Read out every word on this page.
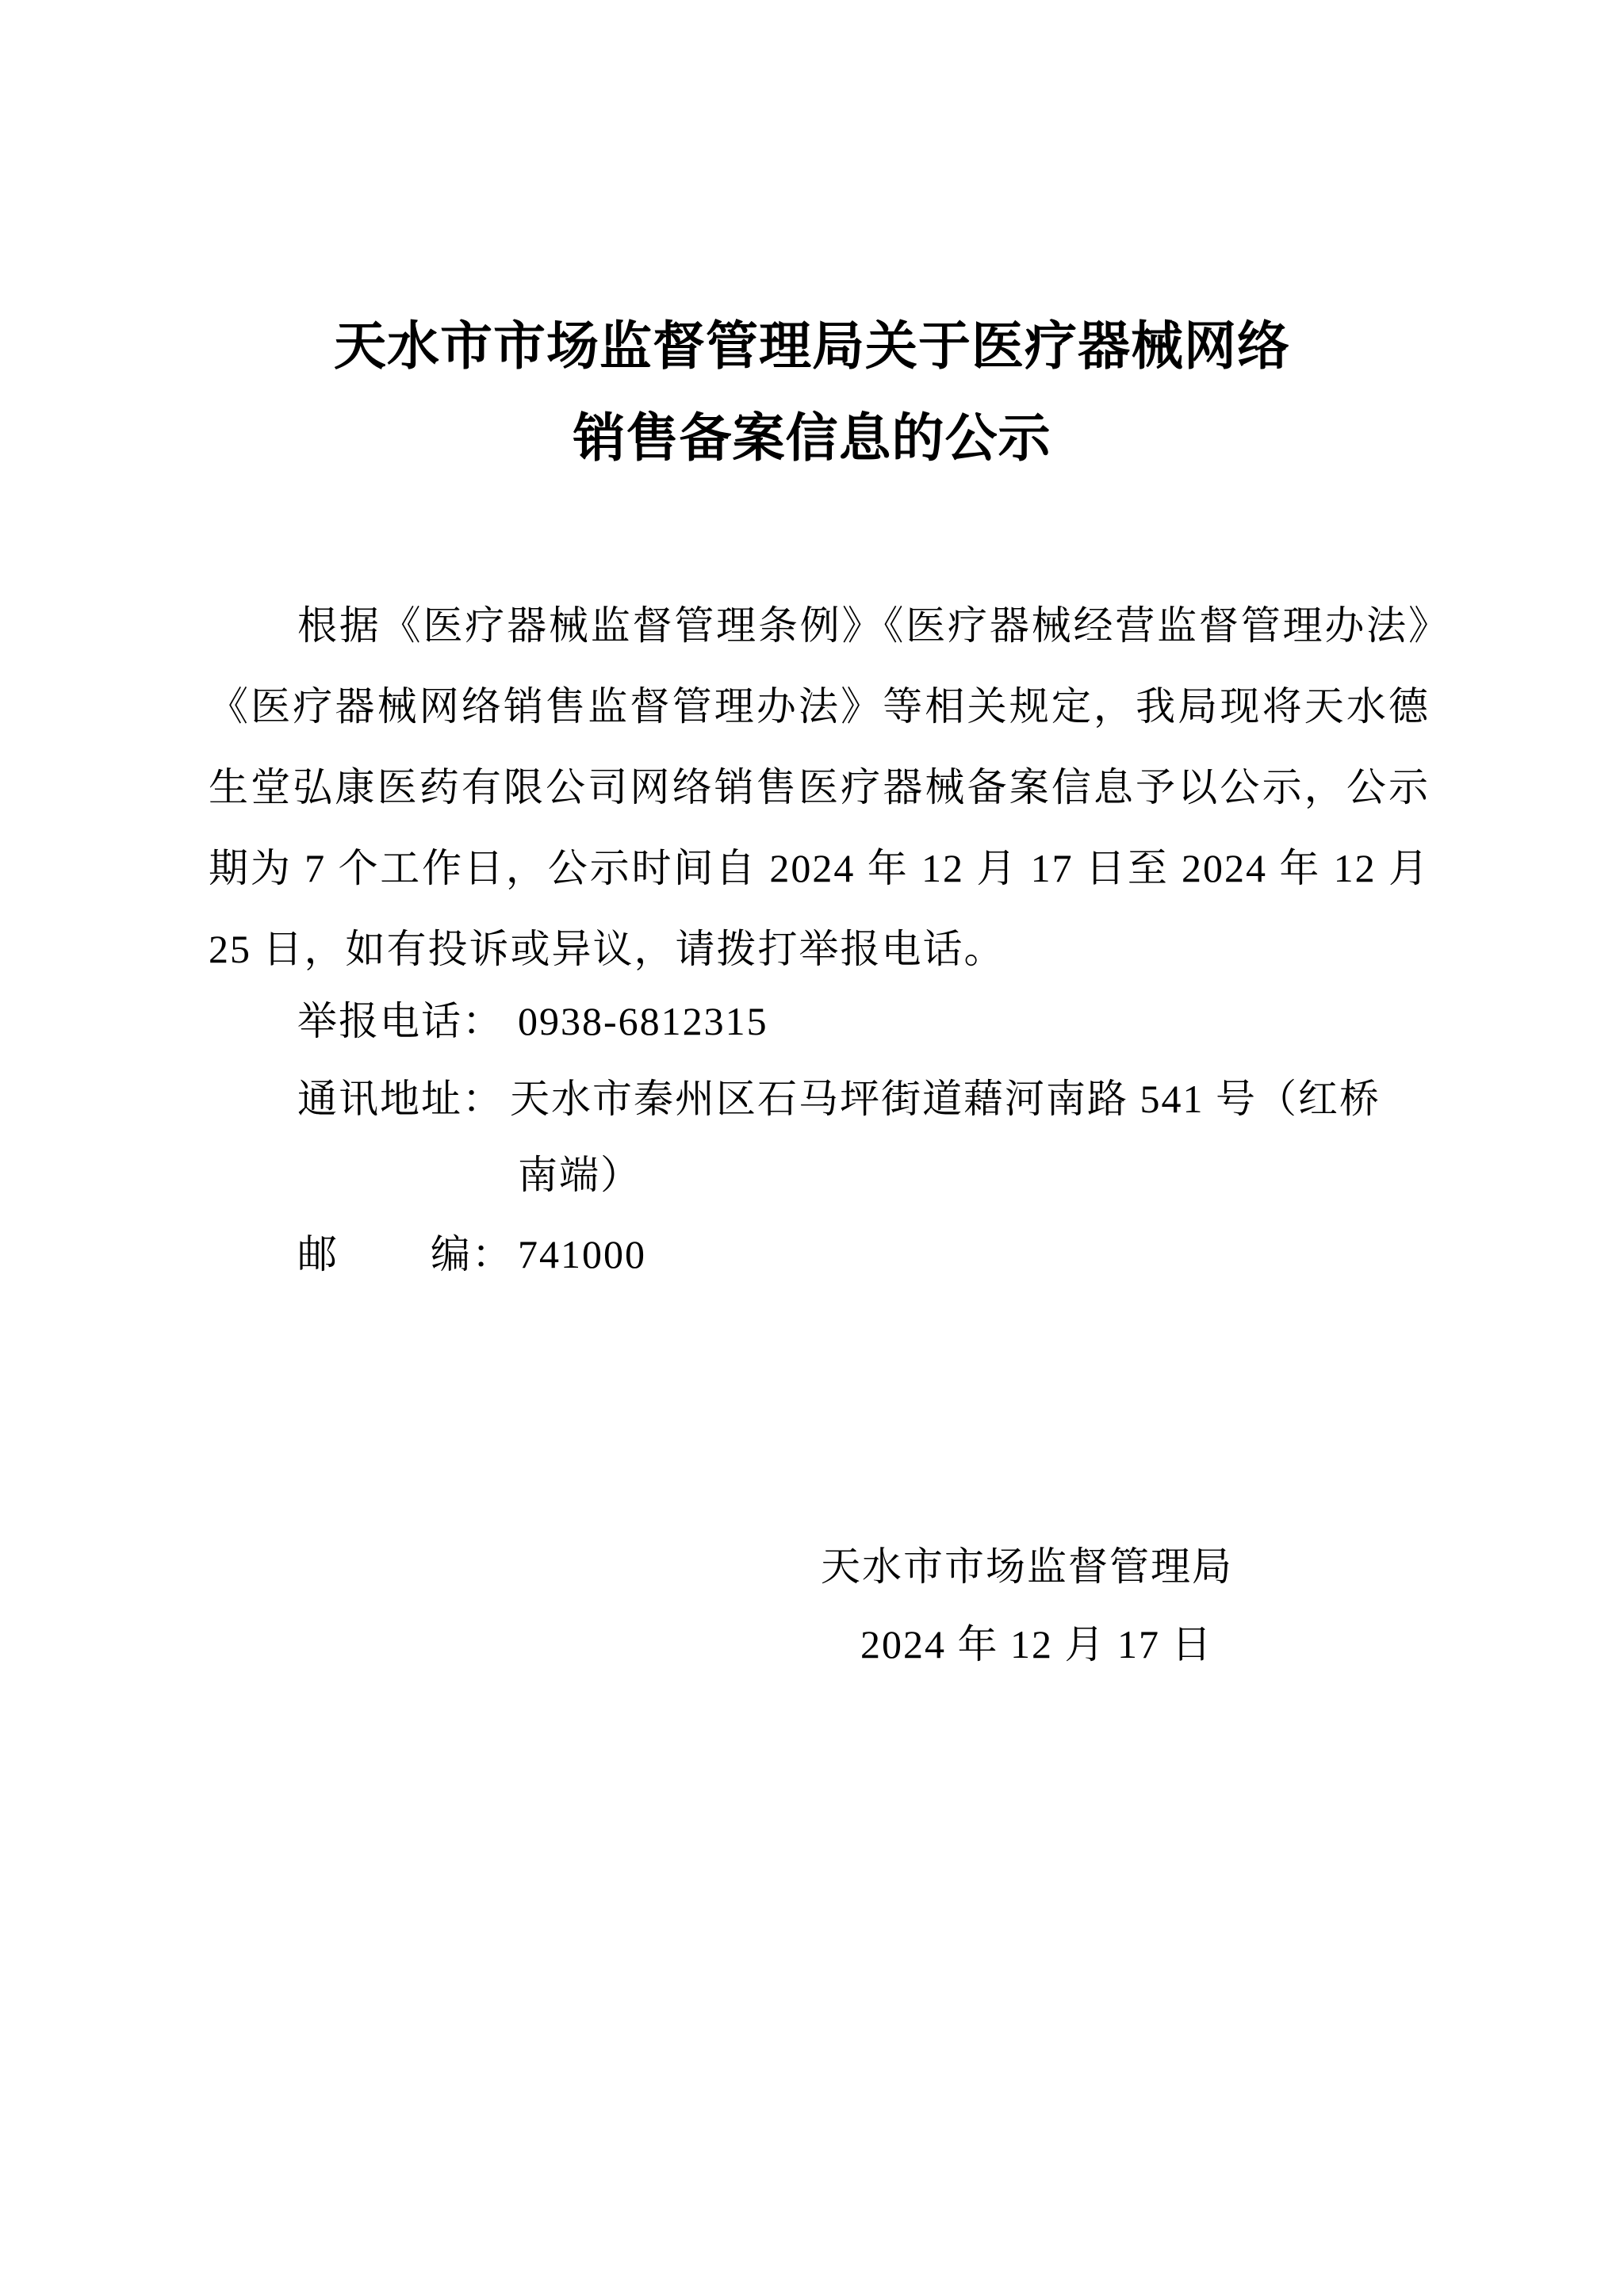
天水市市场监督管理局关于医疗器械网络
销售备案信息的公示
根据《医疗器械监督管理条例》《医疗器械经营监督管理办法》《医疗器械网络销售监督管理办法》等相关规定，我局现将天水德生堂弘康医药有限公司网络销售医疗器械备案信息予以公示，公示期为 7 个工作日，公示时间自 2024 年 12 月 17 日至 2024 年 12 月 25 日，如有投诉或异议，请拨打举报电话。
举报电话： 0938-6812315
通讯地址： 天水市秦州区石马坪街道藉河南路 541 号（红桥
南端）
邮 编： 741000
天水市市场监督管理局
2024 年 12 月 17 日
